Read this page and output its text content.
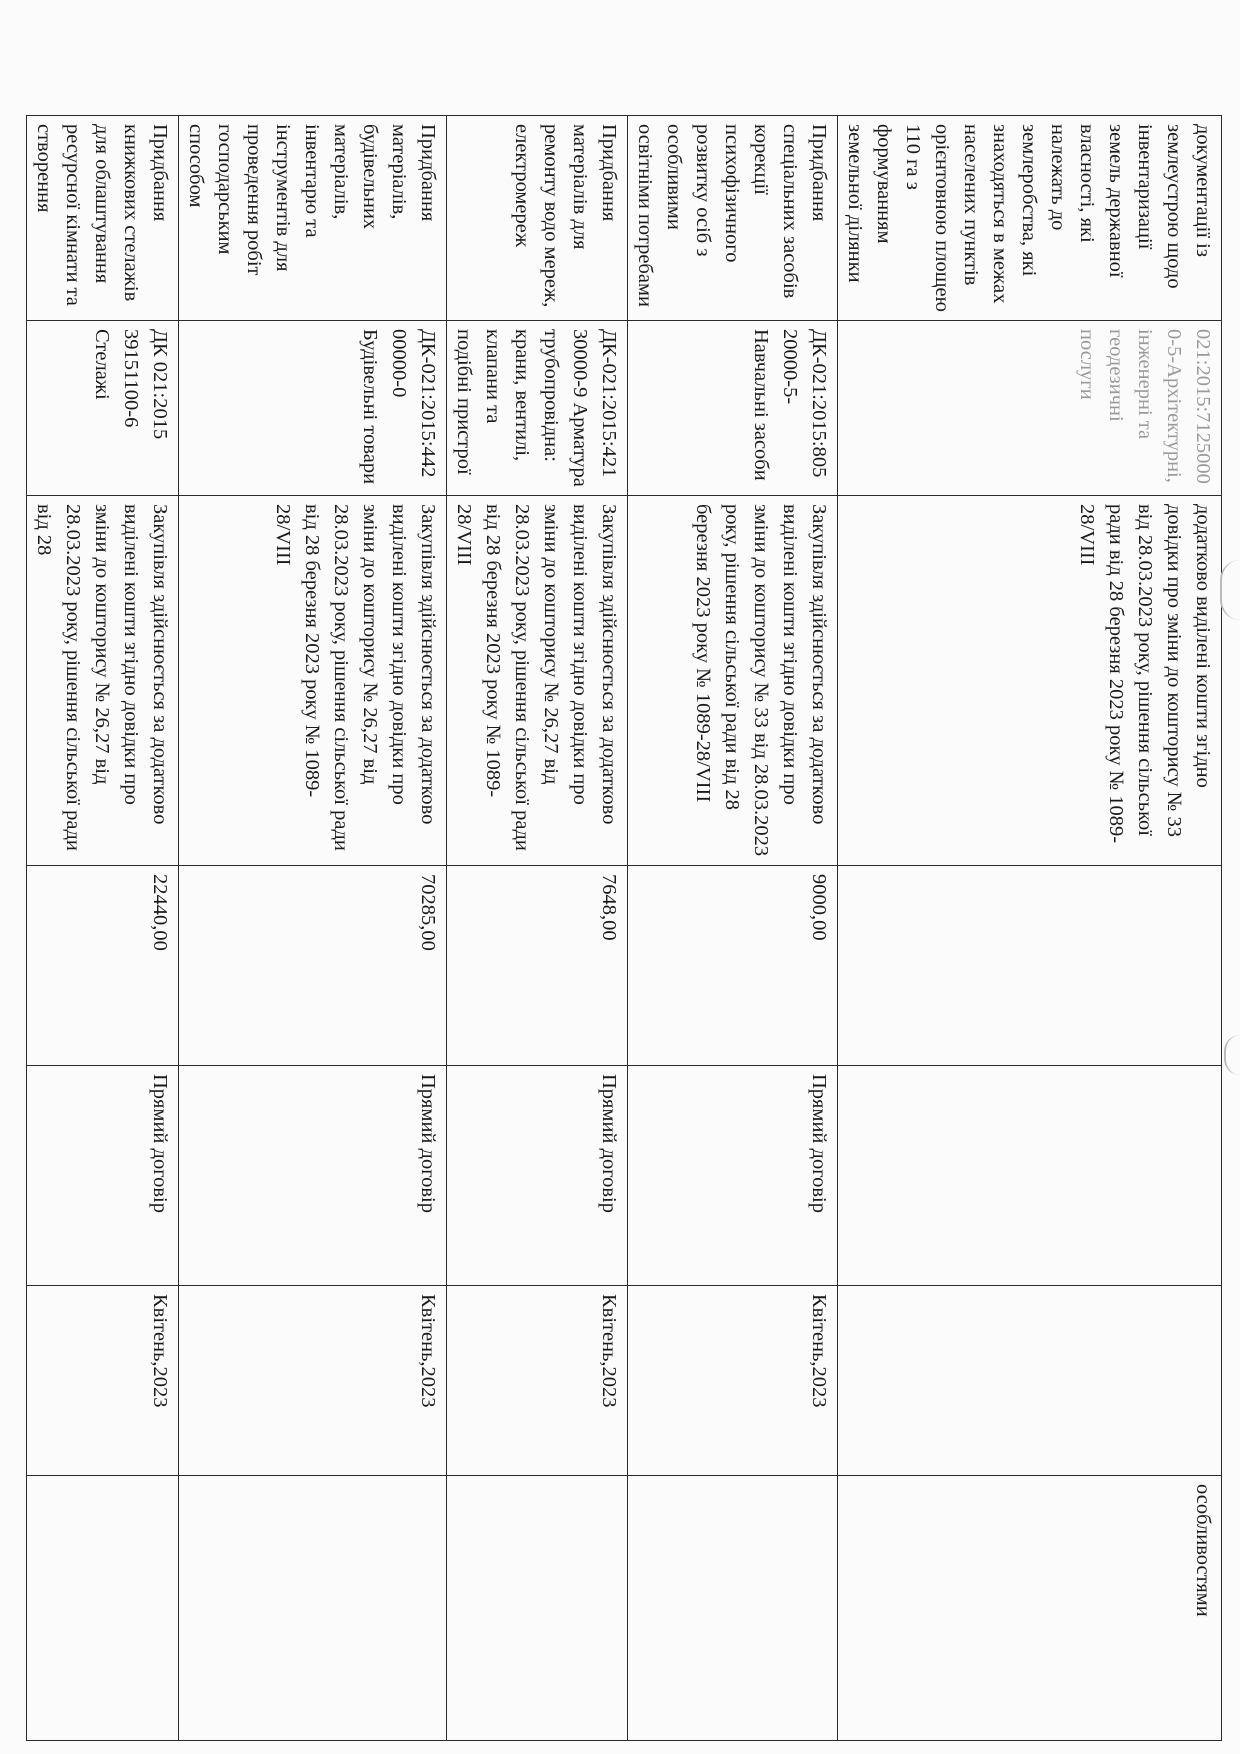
документації із землеустрою щодо інвентаризації земель державної власності, які належать до землеробства, які знаходяться в межах населених пунктів орієнтовною площею 110 га з формуванням земельної ділянки	021:2015:71250000-5-Архітектурні, інженерні та геодезичні послуги	додатково виділені кошти згідно довідки про зміни до кошторису № 33 від 28.03.2023 року, рішення сільської ради від 28 березня 2023 року № 1089-28/VIII				особливостями

Придбання спеціальних засобів корекції психофізичного розвитку осіб з особливими освітніми потребами	ДК-021:2015:80520000-5-Навчальні засоби	Закупівля здійснюється за додатково виділені кошти згідно довідки про зміни до кошторису № 33 від 28.03.2023 року, рішення сільської ради від 28 березня 2023 року № 1089-28/VIII	9000,00	Прямий договір	Квітень,2023	

Придбання матеріалів для ремонту водо мереж, електромереж	ДК-021:2015:42130000-9 Арматура трубопровідна: крани, вентилі, клапани та подібні пристрої	Закупівля здійснюється за додатково виділені кошти згідно довідки про зміни до кошторису № 26,27 від 28.03.2023 року, рішення сільської ради від 28 березня 2023 року № 1089-28/VIII	7648,00	Прямий договір	Квітень,2023	

Придбання матеріалів, будівельних матеріалів, інвентарю та інструментів для проведення робіт господарським способом	ДК-021:2015:44200000-0 Будівельні товари	Закупівля здійснюється за додатково виділені кошти згідно довідки про зміни до кошторису № 26,27 від 28.03.2023 року, рішення сільської ради від 28 березня 2023 року № 1089-28/VIII	70285,00	Прямий договір	Квітень,2023	

Придбання книжкових стелажів для облаштування ресурсної кімнати та створення	ДК 021:2015 39151100-6 Стелажі	Закупівля здійснюється за додатково виділені кошти згідно довідки про зміни до кошторису № 26,27 від 28.03.2023 року, рішення сільської ради від 28	22440,00	Прямий договір	Квітень,2023	
